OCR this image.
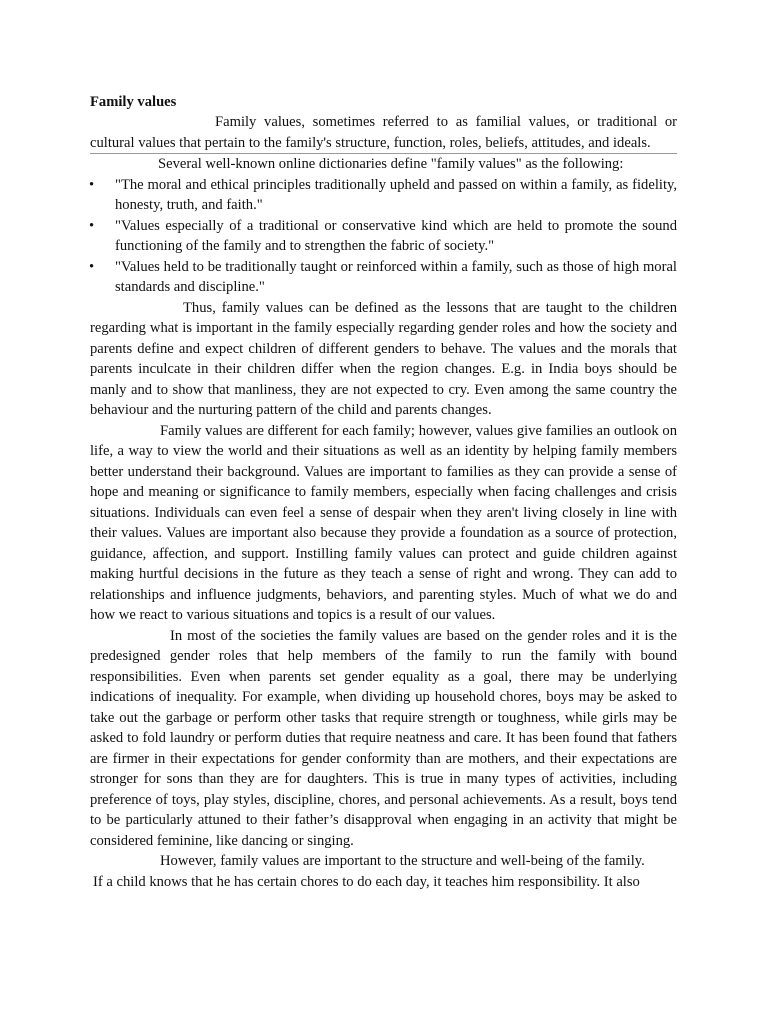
Family values

Family values, sometimes referred to as familial values, or traditional or cultural values that pertain to the family's structure, function, roles, beliefs, attitudes, and ideals.

Several well-known online dictionaries define "family values" as the following:

• "The moral and ethical principles traditionally upheld and passed on within a family, as fidelity, honesty, truth, and faith."
• "Values especially of a traditional or conservative kind which are held to promote the sound functioning of the family and to strengthen the fabric of society."
• "Values held to be traditionally taught or reinforced within a family, such as those of high moral standards and discipline."

Thus, family values can be defined as the lessons that are taught to the children regarding what is important in the family especially regarding gender roles and how the society and parents define and expect children of different genders to behave. The values and the morals that parents inculcate in their children differ when the region changes. E.g. in India boys should be manly and to show that manliness, they are not expected to cry. Even among the same country the behaviour and the nurturing pattern of the child and parents changes.

Family values are different for each family; however, values give families an outlook on life, a way to view the world and their situations as well as an identity by helping family members better understand their background. Values are important to families as they can provide a sense of hope and meaning or significance to family members, especially when facing challenges and crisis situations. Individuals can even feel a sense of despair when they aren't living closely in line with their values. Values are important also because they provide a foundation as a source of protection, guidance, affection, and support. Instilling family values can protect and guide children against making hurtful decisions in the future as they teach a sense of right and wrong. They can add to relationships and influence judgments, behaviors, and parenting styles. Much of what we do and how we react to various situations and topics is a result of our values.

In most of the societies the family values are based on the gender roles and it is the predesigned gender roles that help members of the family to run the family with bound responsibilities. Even when parents set gender equality as a goal, there may be underlying indications of inequality. For example, when dividing up household chores, boys may be asked to take out the garbage or perform other tasks that require strength or toughness, while girls may be asked to fold laundry or perform duties that require neatness and care. It has been found that fathers are firmer in their expectations for gender conformity than are mothers, and their expectations are stronger for sons than they are for daughters. This is true in many types of activities, including preference of toys, play styles, discipline, chores, and personal achievements. As a result, boys tend to be particularly attuned to their father’s disapproval when engaging in an activity that might be considered feminine, like dancing or singing.

However, family values are important to the structure and well-being of the family.

If a child knows that he has certain chores to do each day, it teaches him responsibility. It also
